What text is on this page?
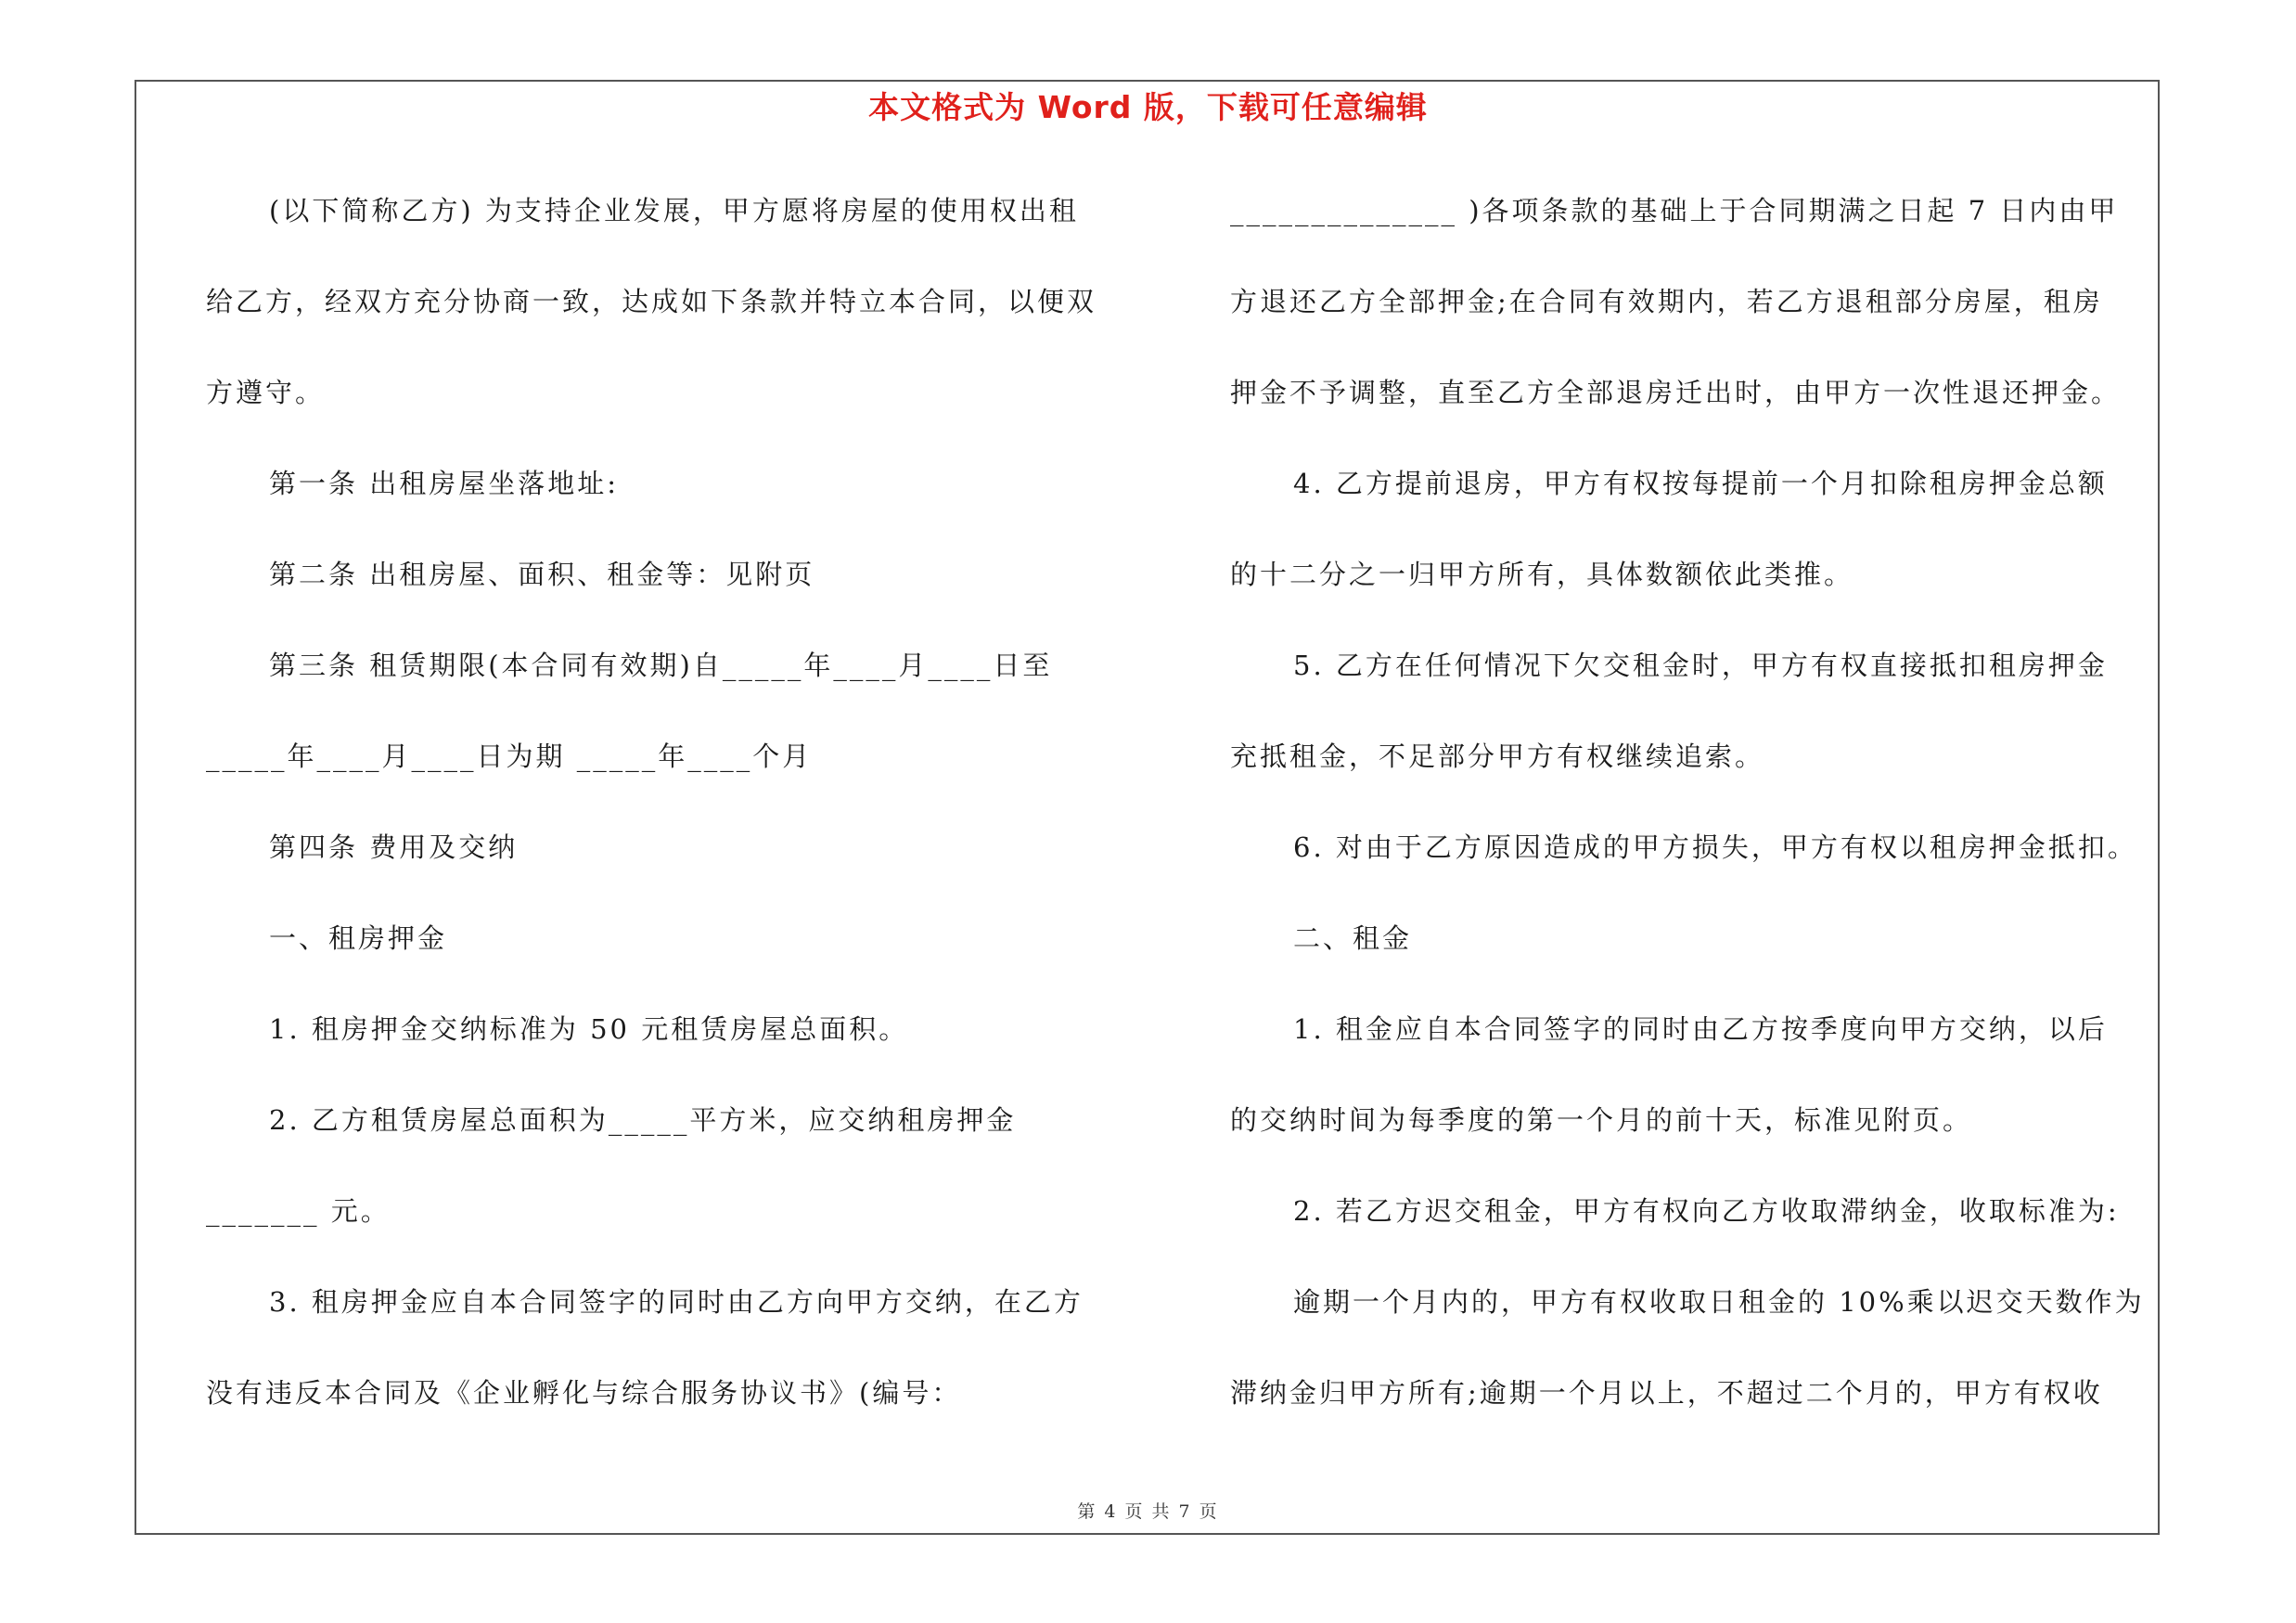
本文格式为 Word 版，下载可任意编辑
(以下简称乙方) 为支持企业发展，甲方愿将房屋的使用权出租
给乙方，经双方充分协商一致，达成如下条款并特立本合同，以便双
方遵守。
第一条 出租房屋坐落地址:
第二条 出租房屋、面积、租金等：见附页
第三条 租赁期限(本合同有效期)自_____年____月____日至
_____年____月____日为期 _____年____个月
第四条 费用及交纳
一、租房押金
1. 租房押金交纳标准为 50 元租赁房屋总面积。
2. 乙方租赁房屋总面积为_____平方米，应交纳租房押金
_______ 元。
3. 租房押金应自本合同签字的同时由乙方向甲方交纳，在乙方
没有违反本合同及《企业孵化与综合服务协议书》(编号：
______________ )各项条款的基础上于合同期满之日起 7 日内由甲
方退还乙方全部押金;在合同有效期内，若乙方退租部分房屋，租房
押金不予调整，直至乙方全部退房迁出时，由甲方一次性退还押金。
4. 乙方提前退房，甲方有权按每提前一个月扣除租房押金总额
的十二分之一归甲方所有，具体数额依此类推。
5. 乙方在任何情况下欠交租金时，甲方有权直接抵扣租房押金
充抵租金，不足部分甲方有权继续追索。
6. 对由于乙方原因造成的甲方损失，甲方有权以租房押金抵扣。
二、租金
1. 租金应自本合同签字的同时由乙方按季度向甲方交纳，以后
的交纳时间为每季度的第一个月的前十天，标准见附页。
2. 若乙方迟交租金，甲方有权向乙方收取滞纳金，收取标准为:
逾期一个月内的，甲方有权收取日租金的 10%乘以迟交天数作为
滞纳金归甲方所有;逾期一个月以上，不超过二个月的，甲方有权收
第 4 页 共 7 页
